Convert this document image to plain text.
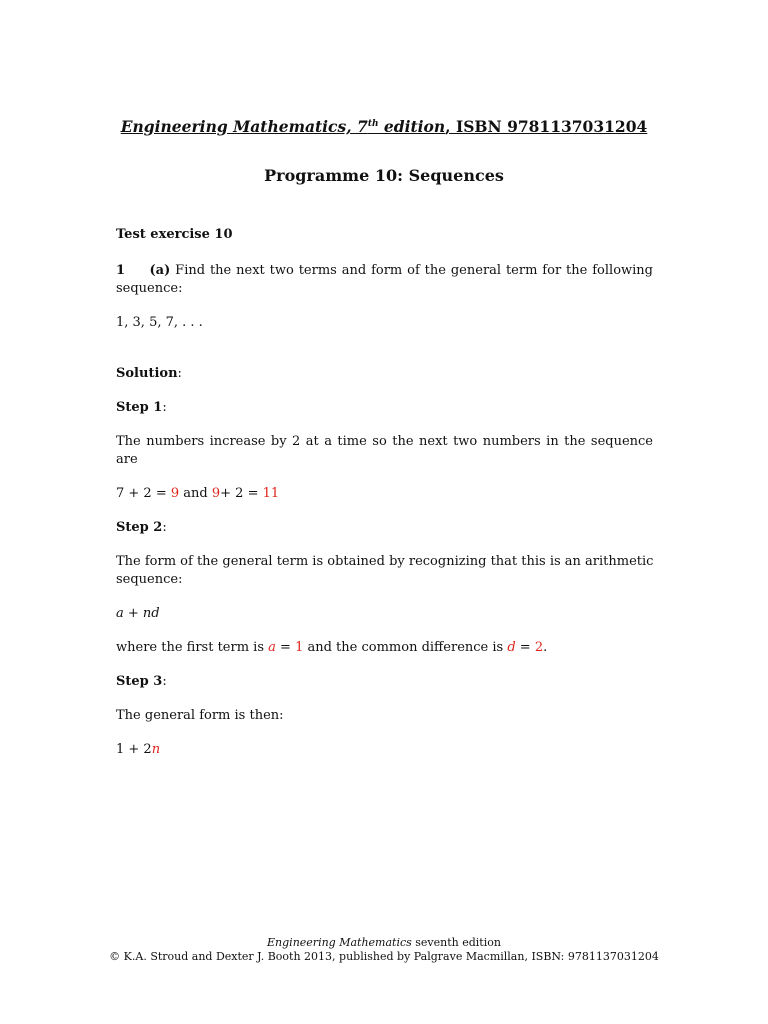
Engineering Mathematics, 7th edition, ISBN 9781137031204
Programme 10: Sequences
Test exercise 10
1 (a) Find the next two terms and form of the general term for the following
sequence:
1, 3, 5, 7, . . .
Solution:
Step 1:
The numbers increase by 2 at a time so the next two numbers in the sequence
are
7 + 2 = 9 and 9+ 2 = 11
Step 2:
The form of the general term is obtained by recognizing that this is an arithmetic
sequence:
a + nd
where the first term is a = 1 and the common difference is d = 2.
Step 3:
The general form is then:
1 + 2n
Engineering Mathematics seventh edition
© K.A. Stroud and Dexter J. Booth 2013, published by Palgrave Macmillan, ISBN: 9781137031204
